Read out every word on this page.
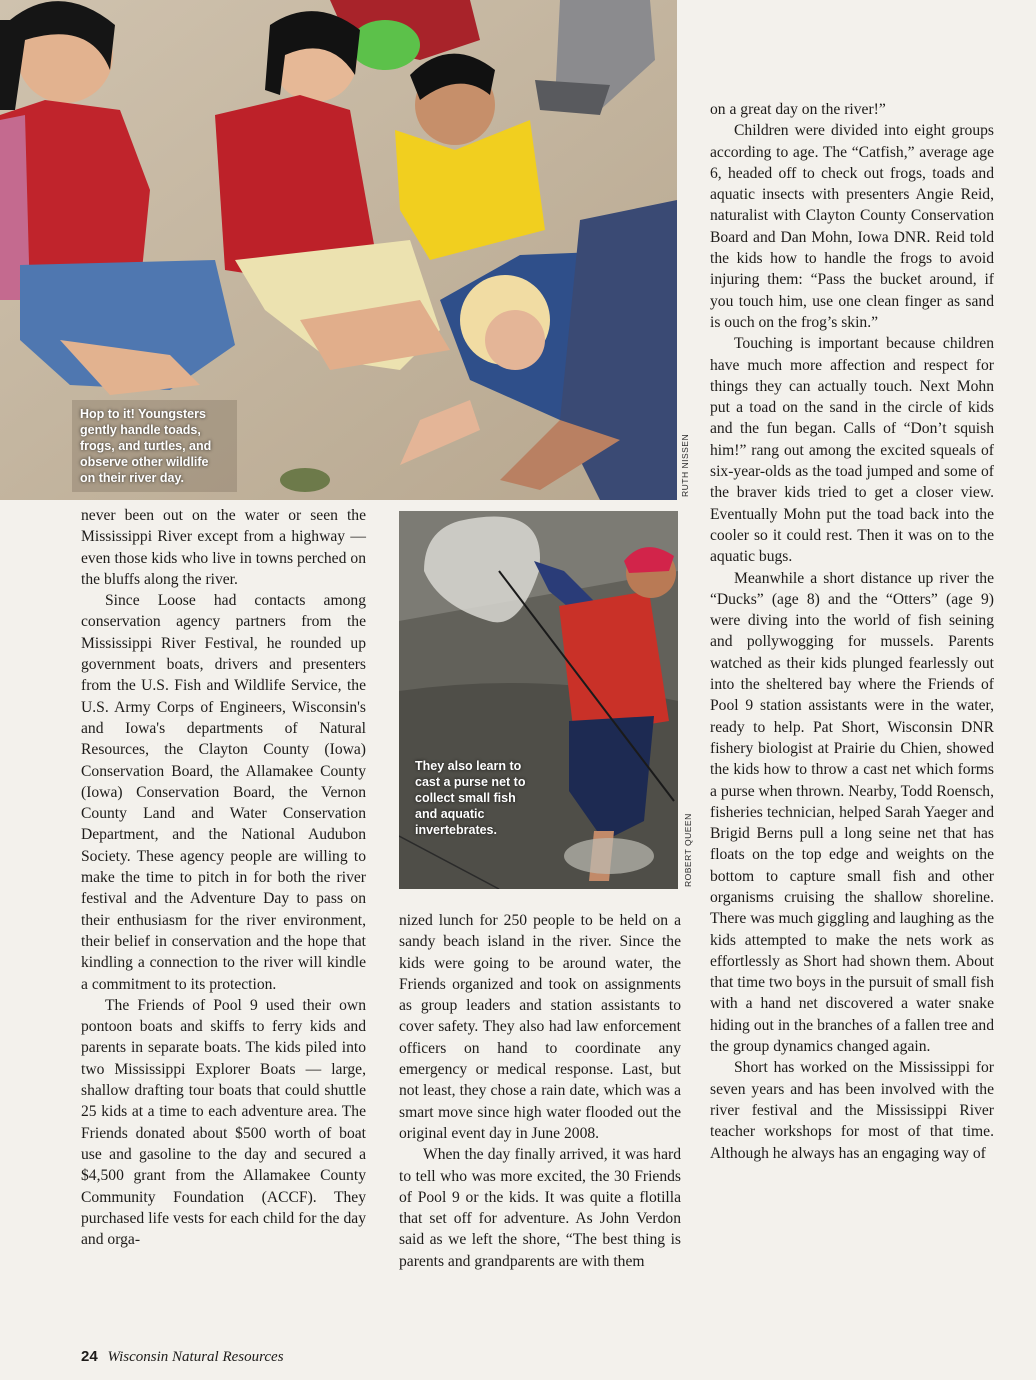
Hop to it! Youngsters
gently handle toads,
frogs, and turtles, and
observe other wildlife
on their river day.	RUTH NISSEN
They also learn to
cast a purse net to
collect small fish
and aquatic
invertebrates.	ROBERT QUEEN

never been out on the water or seen the Mississippi River except from a highway — even those kids who live in towns perched on the bluffs along the river.

Since Loose had contacts among conservation agency partners from the Mississippi River Festival, he rounded up government boats, drivers and presenters from the U.S. Fish and Wildlife Service, the U.S. Army Corps of Engineers, Wisconsin's and Iowa's departments of Natural Resources, the Clayton County (Iowa) Conservation Board, the Allamakee County (Iowa) Conservation Board, the Vernon County Land and Water Conservation Department, and the National Audubon Society. These agency people are willing to make the time to pitch in for both the river festival and the Adventure Day to pass on their enthusiasm for the river environment, their belief in conservation and the hope that kindling a connection to the river will kindle a commitment to its protection.

The Friends of Pool 9 used their own pontoon boats and skiffs to ferry kids and parents in separate boats. The kids piled into two Mississippi Explorer Boats — large, shallow drafting tour boats that could shuttle 25 kids at a time to each adventure area. The Friends donated about $500 worth of boat use and gasoline to the day and secured a $4,500 grant from the Allamakee County Community Foundation (ACCF). They purchased life vests for each child for the day and orga-

nized lunch for 250 people to be held on a sandy beach island in the river. Since the kids were going to be around water, the Friends organized and took on assignments as group leaders and station assistants to cover safety. They also had law enforcement officers on hand to coordinate any emergency or medical response. Last, but not least, they chose a rain date, which was a smart move since high water flooded out the original event day in June 2008.

When the day finally arrived, it was hard to tell who was more excited, the 30 Friends of Pool 9 or the kids. It was quite a flotilla that set off for adventure. As John Verdon said as we left the shore, “The best thing is parents and grandparents are with them

on a great day on the river!”

Children were divided into eight groups according to age. The “Catfish,” average age 6, headed off to check out frogs, toads and aquatic insects with presenters Angie Reid, naturalist with Clayton County Conservation Board and Dan Mohn, Iowa DNR. Reid told the kids how to handle the frogs to avoid injuring them: “Pass the bucket around, if you touch him, use one clean finger as sand is ouch on the frog’s skin.”

Touching is important because children have much more affection and respect for things they can actually touch. Next Mohn put a toad on the sand in the circle of kids and the fun began. Calls of “Don’t squish him!” rang out among the excited squeals of six-year-olds as the toad jumped and some of the braver kids tried to get a closer view. Eventually Mohn put the toad back into the cooler so it could rest. Then it was on to the aquatic bugs.

Meanwhile a short distance up river the “Ducks” (age 8) and the “Otters” (age 9) were diving into the world of fish seining and pollywogging for mussels. Parents watched as their kids plunged fearlessly out into the sheltered bay where the Friends of Pool 9 station assistants were in the water, ready to help. Pat Short, Wisconsin DNR fishery biologist at Prairie du Chien, showed the kids how to throw a cast net which forms a purse when thrown. Nearby, Todd Roensch, fisheries technician, helped Sarah Yaeger and Brigid Berns pull a long seine net that has floats on the top edge and weights on the bottom to capture small fish and other organisms cruising the shallow shoreline. There was much giggling and laughing as the kids attempted to make the nets work as effortlessly as Short had shown them. About that time two boys in the pursuit of small fish with a hand net discovered a water snake hiding out in the branches of a fallen tree and the group dynamics changed again.

Short has worked on the Mississippi for seven years and has been involved with the river festival and the Mississippi River teacher workshops for most of that time. Although he always has an engaging way of

24 Wisconsin Natural Resources
